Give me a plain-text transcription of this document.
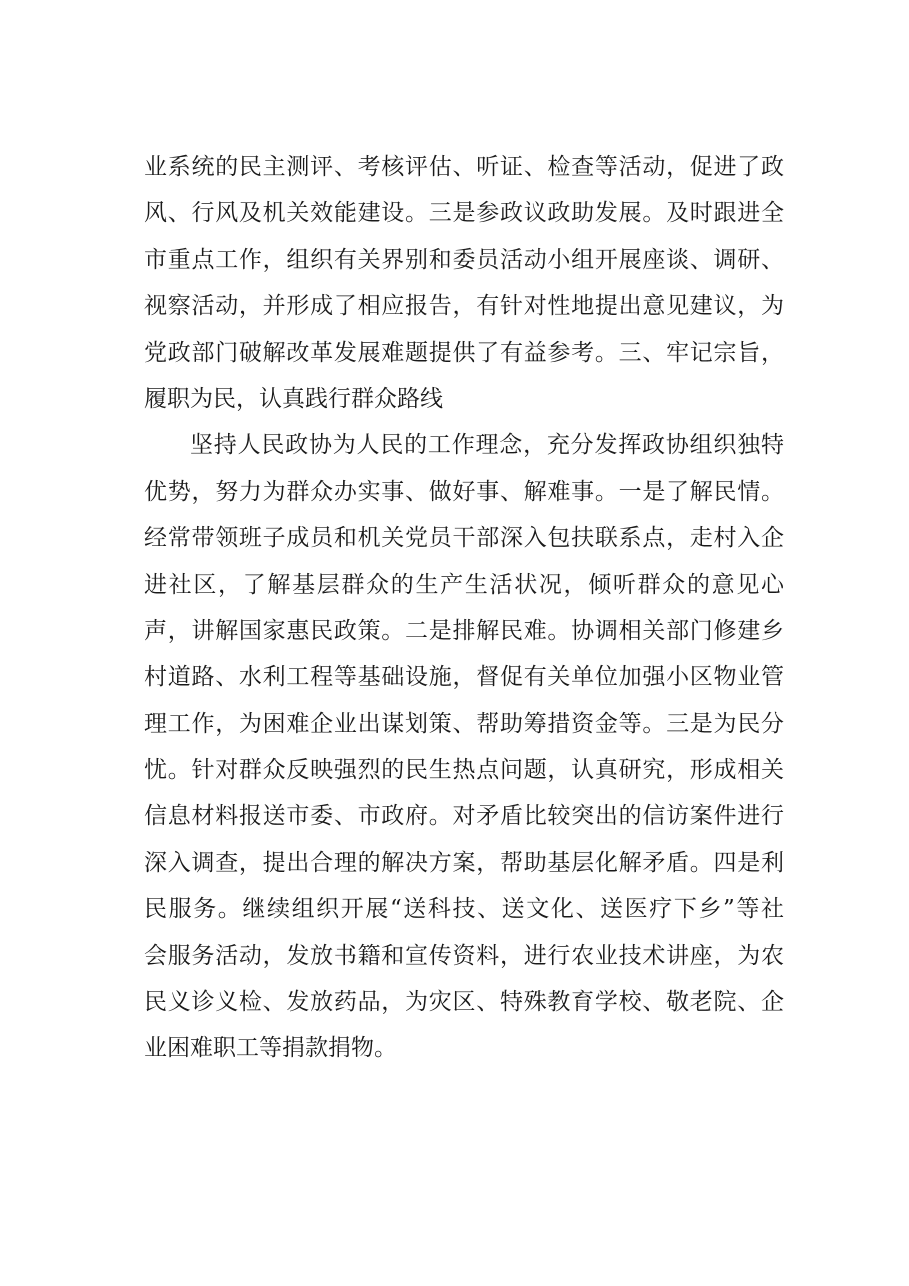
业系统的民主测评、考核评估、听证、检查等活动，促进了政
风、行风及机关效能建设。三是参政议政助发展。及时跟进全
市重点工作，组织有关界别和委员活动小组开展座谈、调研、
视察活动，并形成了相应报告，有针对性地提出意见建议，为
党政部门破解改革发展难题提供了有益参考。三、牢记宗旨，
履职为民，认真践行群众路线
坚持人民政协为人民的工作理念，充分发挥政协组织独特
优势，努力为群众办实事、做好事、解难事。一是了解民情。
经常带领班子成员和机关党员干部深入包扶联系点，走村入企
进社区，了解基层群众的生产生活状况，倾听群众的意见心
声，讲解国家惠民政策。二是排解民难。协调相关部门修建乡
村道路、水利工程等基础设施，督促有关单位加强小区物业管
理工作，为困难企业出谋划策、帮助筹措资金等。三是为民分
忧。针对群众反映强烈的民生热点问题，认真研究，形成相关
信息材料报送市委、市政府。对矛盾比较突出的信访案件进行
深入调查，提出合理的解决方案，帮助基层化解矛盾。四是利
民服务。继续组织开展“送科技、送文化、送医疗下乡”等社
会服务活动，发放书籍和宣传资料，进行农业技术讲座，为农
民义诊义检、发放药品，为灾区、特殊教育学校、敬老院、企
业困难职工等捐款捐物。
